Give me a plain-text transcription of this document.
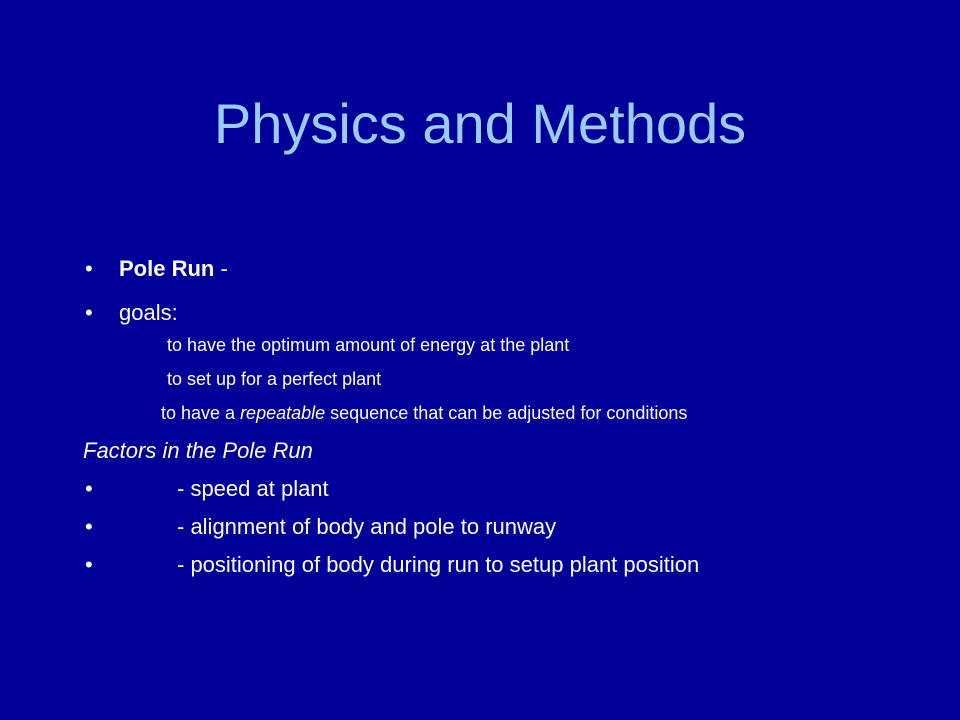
Physics and Methods
• Pole Run -
• goals:
to have the optimum amount of energy at the plant
to set up for a perfect plant
to have a repeatable sequence that can be adjusted for conditions
Factors in the Pole Run
•	- speed at plant
•	- alignment of body and pole to runway
•	- positioning of body during run to setup plant position
